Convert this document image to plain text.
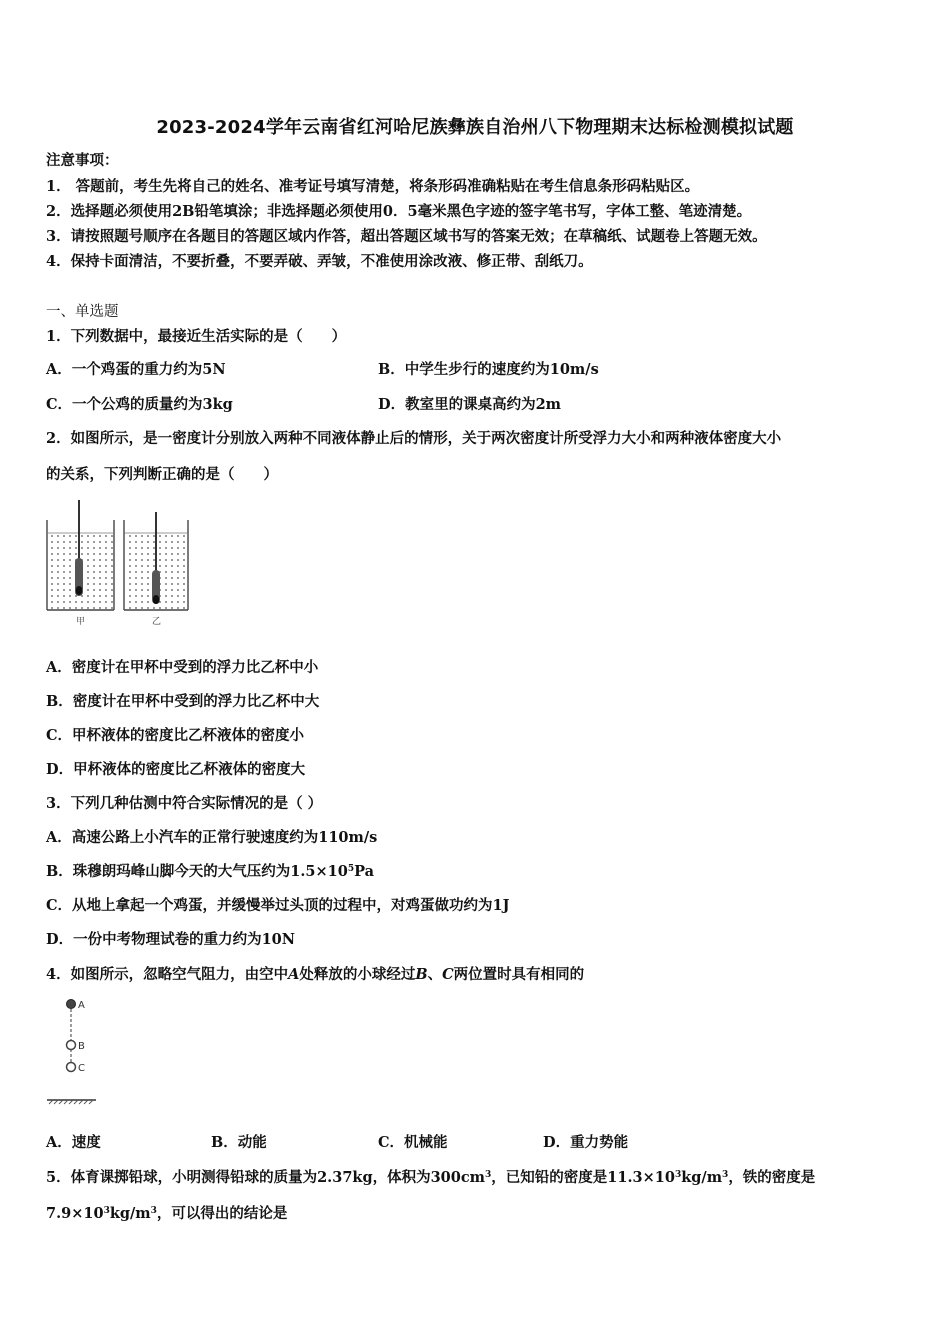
2023-2024学年云南省红河哈尼族彝族自治州八下物理期末达标检测模拟试题
注意事项：
1． 答题前，考生先将自己的姓名、准考证号填写清楚，将条形码准确粘贴在考生信息条形码粘贴区。
2．选择题必须使用2B铅笔填涂；非选择题必须使用0．5毫米黑色字迹的签字笔书写，字体工整、笔迹清楚。
3．请按照题号顺序在各题目的答题区域内作答，超出答题区域书写的答案无效；在草稿纸、试题卷上答题无效。
4．保持卡面清洁，不要折叠，不要弄破、弄皱，不准使用涂改液、修正带、刮纸刀。
一、单选题
1．下列数据中，最接近生活实际的是（　　）
A．一个鸡蛋的重力约为5N	B．中学生步行的速度约为10m/s
C．一个公鸡的质量约为3kg	D．教室里的课桌高约为2m
2．如图所示，是一密度计分别放入两种不同液体静止后的情形，关于两次密度计所受浮力大小和两种液体密度大小
的关系，下列判断正确的是（　　）
甲	乙
A．密度计在甲杯中受到的浮力比乙杯中小
B．密度计在甲杯中受到的浮力比乙杯中大
C．甲杯液体的密度比乙杯液体的密度小
D．甲杯液体的密度比乙杯液体的密度大
3．下列几种估测中符合实际情况的是（ ）
A．高速公路上小汽车的正常行驶速度约为110m/s
B．珠穆朗玛峰山脚今天的大气压约为$1.5\times 10^5Pa$
C．从地上拿起一个鸡蛋，并缓慢举过头顶的过程中，对鸡蛋做功约为1J
D．一份中考物理试卷的重力约为10N
4．如图所示，忽略空气阻力，由空中A处释放的小球经过B、C两位置时具有相同的
A
B
C
A．速度	B．动能	C．机械能	D．重力势能
5．体育课掷铅球，小明测得铅球的质量为2.37kg，体积为$300cm^3$，已知铅的密度是$11.3\times 10^3kg/m^3$，铁的密度是
$7.9\times 10^3kg/m^3$，可以得出的结论是
